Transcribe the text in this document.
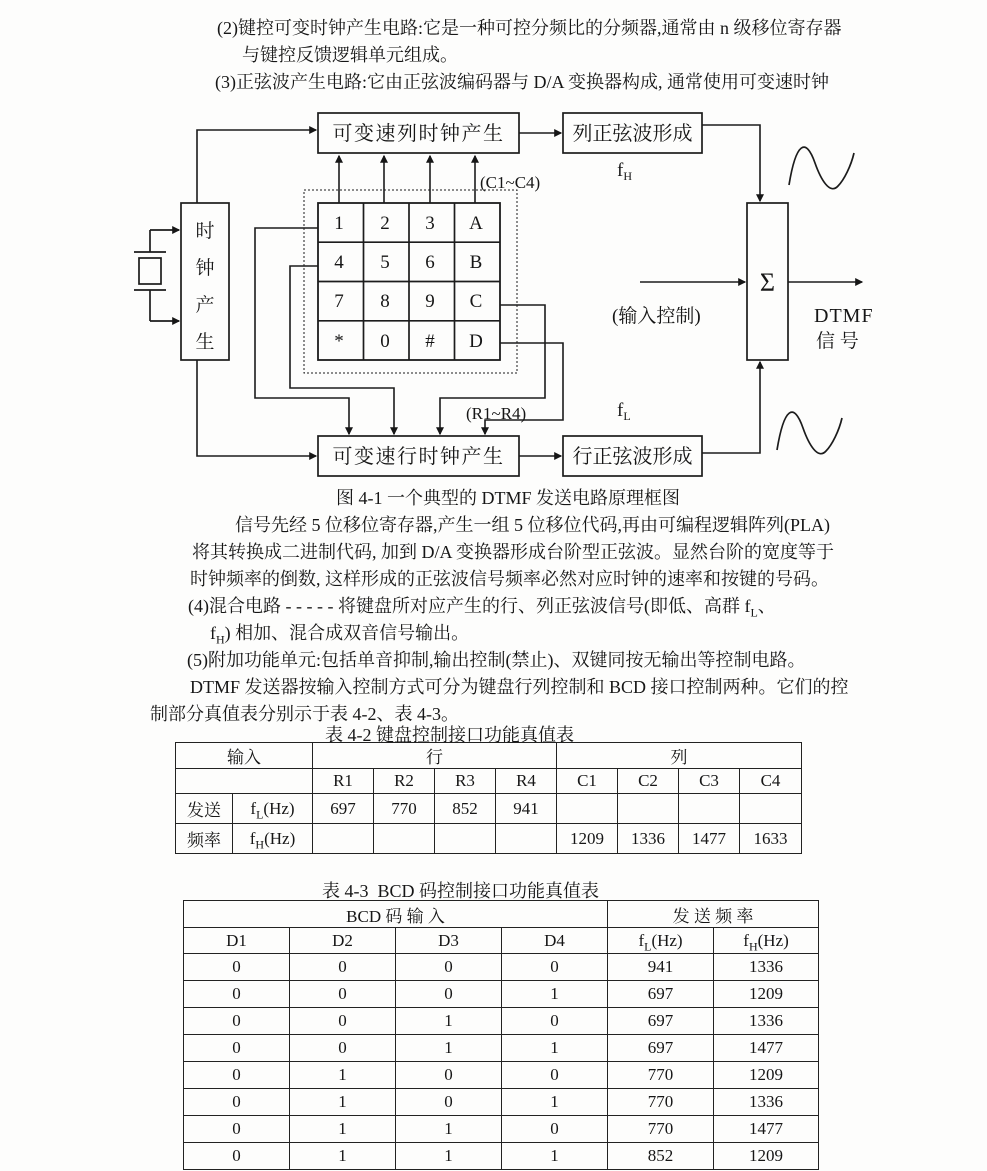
(2)键控可变时钟产生电路:它是一种可控分频比的分频器,通常由 n 级移位寄存器
与键控反馈逻辑单元组成。
(3)正弦波产生电路:它由正弦波编码器与 D/A 变换器构成, 通常使用可变速时钟
可变速列时钟产生	列正弦波形成
可变速行时钟产生	行正弦波形成
时
钟
产
生
Σ
1 2 3 A
4 5 6 B
7 8 9 C
* 0 # D
(C1~C4)
(R1~R4)
$f_H$
$f_L$
(输入控制)	DTMF
信 号
图 4-1 一个典型的 DTMF 发送电路原理框图
信号先经 5 位移位寄存器,产生一组 5 位移位代码,再由可编程逻辑阵列(PLA)
将其转换成二进制代码, 加到 D/A 变换器形成台阶型正弦波。显然台阶的宽度等于
时钟频率的倒数, 这样形成的正弦波信号频率必然对应时钟的速率和按键的号码。
(4)混合电路 - - - - - 将键盘所对应产生的行、列正弦波信号(即低、高群 $f_L$、
$f_H$) 相加、混合成双音信号输出。
(5)附加功能单元:包括单音抑制,输出控制(禁止)、双键同按无输出等控制电路。
DTMF 发送器按输入控制方式可分为键盘行列控制和 BCD 接口控制两种。它们的控
制部分真值表分别示于表 4-2、表 4-3。
表 4-2 键盘控制接口功能真值表
输入		行				列			
		R1	R2	R3	R4	C1	C2	C3	C4
发送	$f_L(Hz)$	697	770	852	941				
频率	$f_H(Hz)$					1209	1336	1477	1633
表 4-3  BCD 码控制接口功能真值表
BCD 码 输 入				发 送 频 率	
D1	D2	D3	D4	$f_L(Hz)$	$f_H(Hz)$
0	0	0	0	941	1336
0	0	0	1	697	1209
0	0	1	0	697	1336
0	0	1	1	697	1477
0	1	0	0	770	1209
0	1	0	1	770	1336
0	1	1	0	770	1477
0	1	1	1	852	1209
